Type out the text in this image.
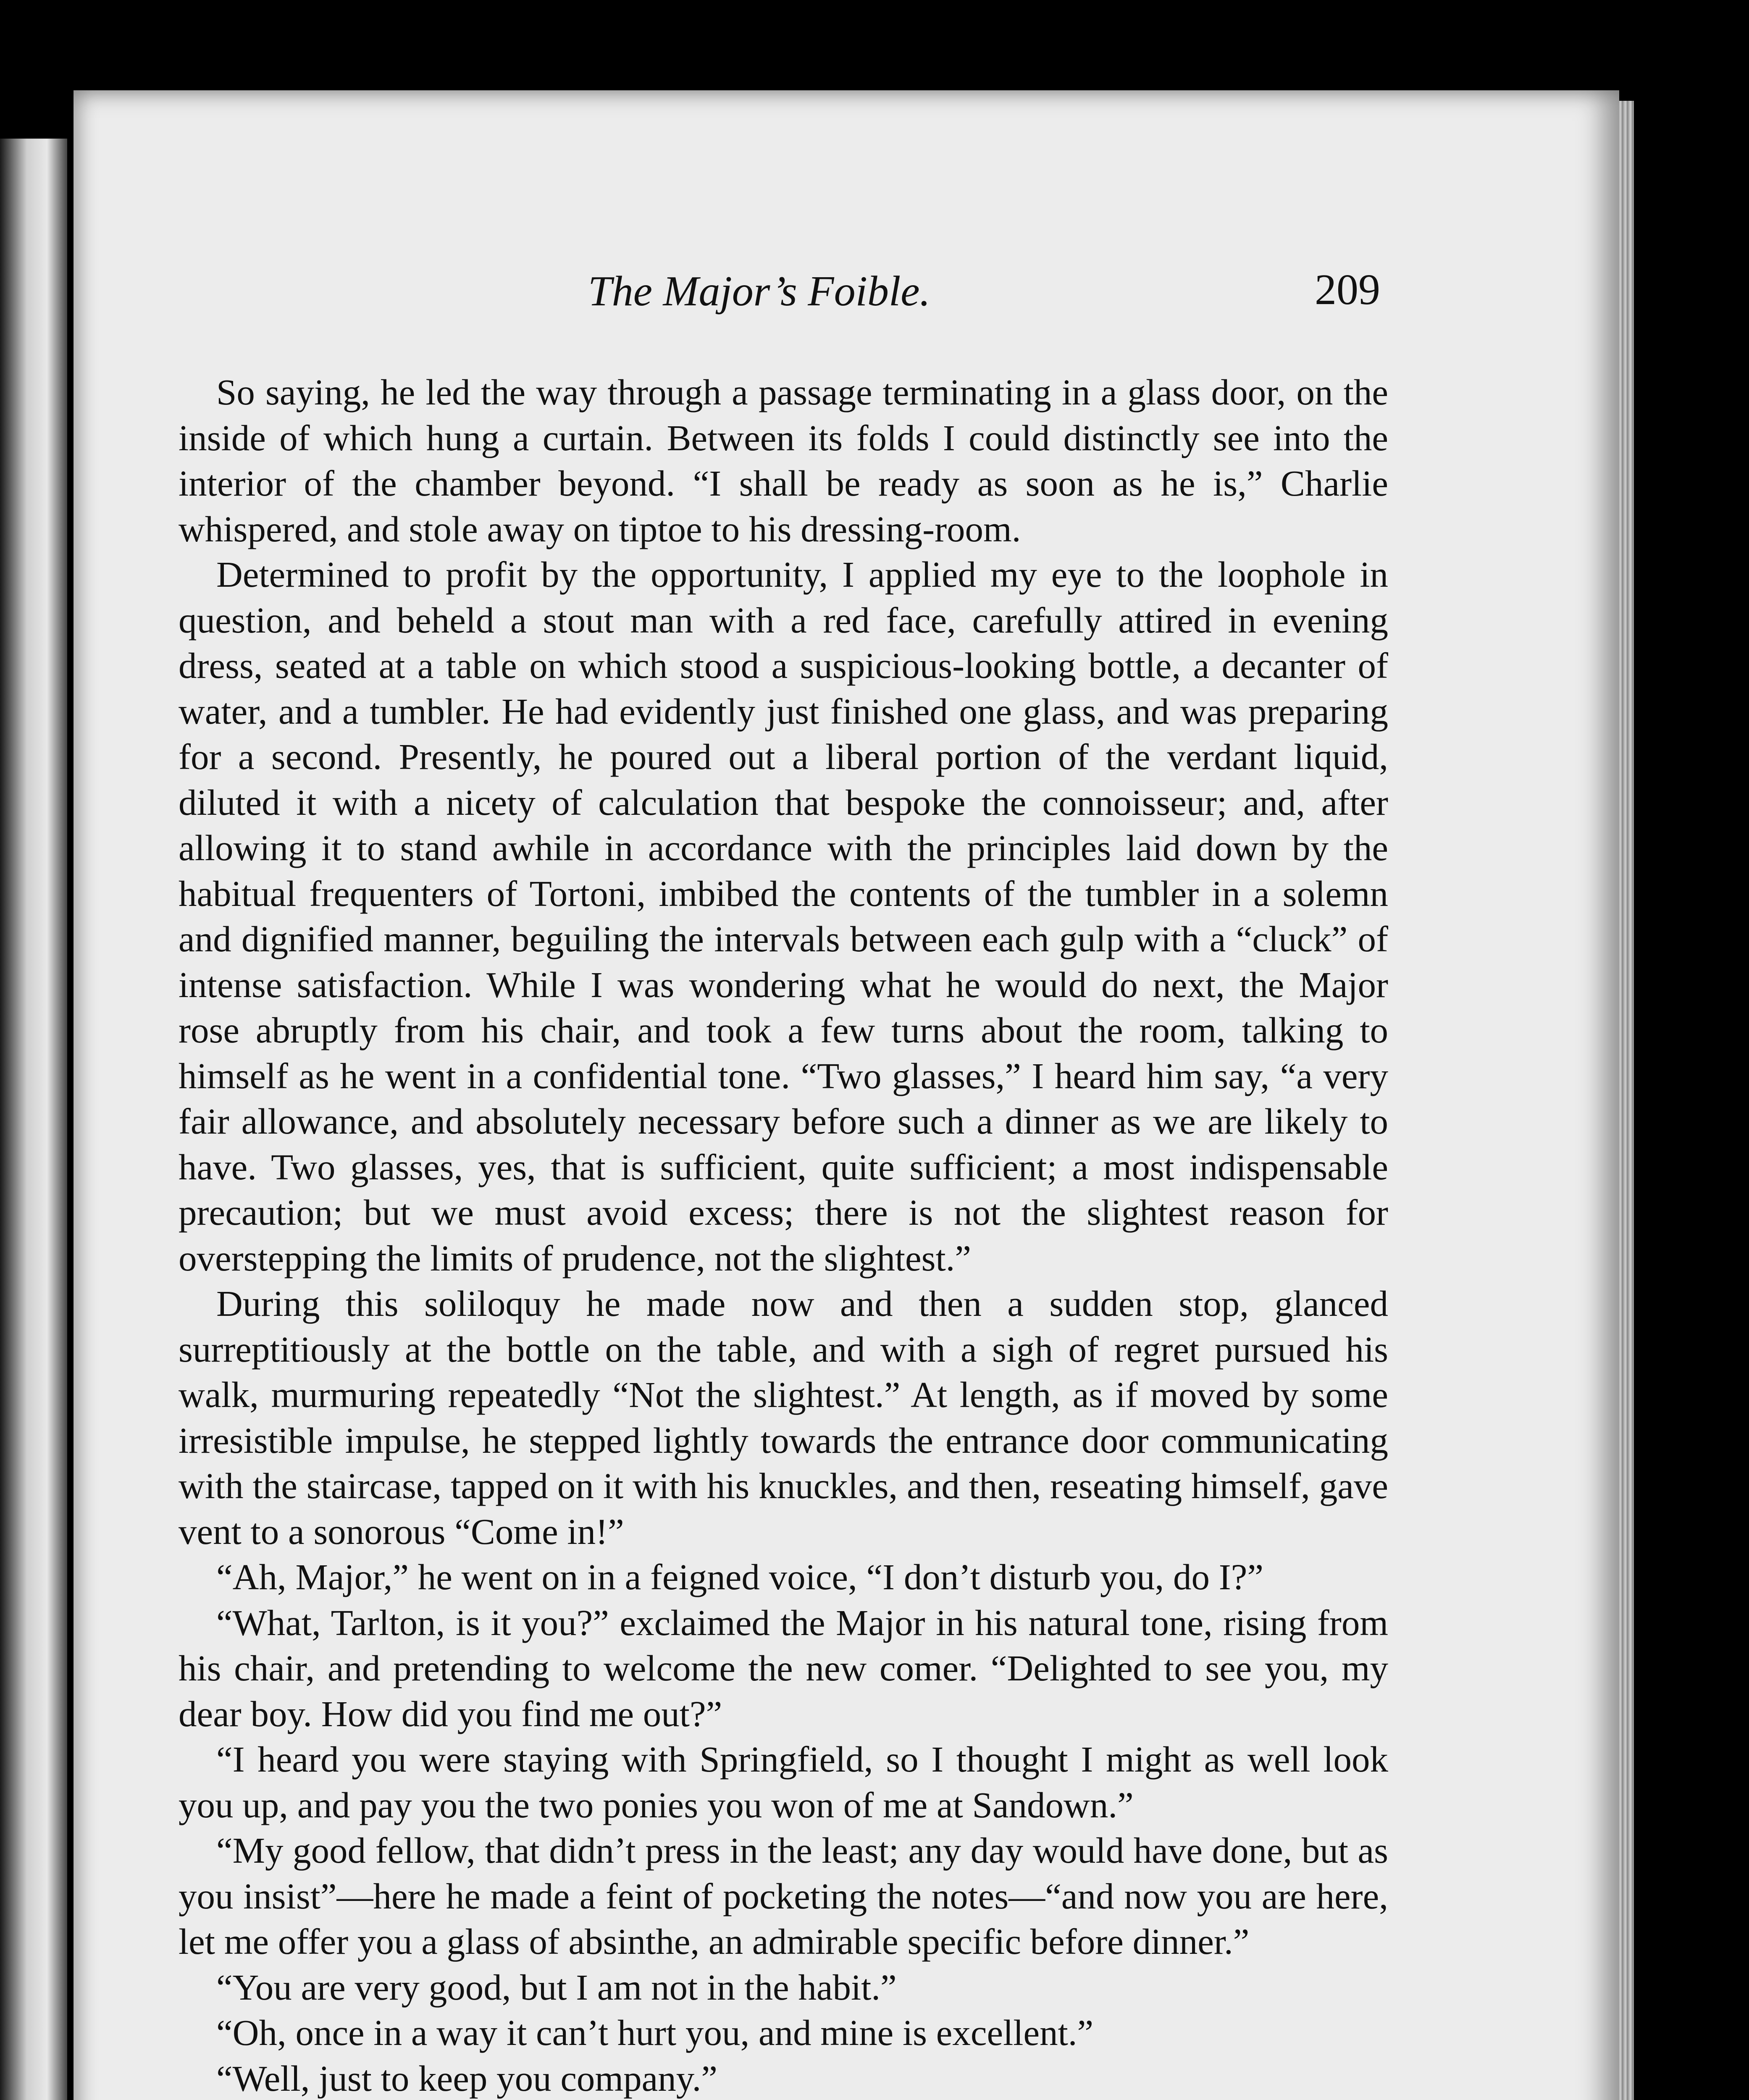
The Major’s Foible.	209

So saying, he led the way through a passage terminating in a glass door, on the inside of which hung a curtain. Between its folds I could distinctly see into the interior of the chamber beyond. “I shall be ready as soon as he is,” Charlie whispered, and stole away on tiptoe to his dressing-room.

Determined to profit by the opportunity, I applied my eye to the loophole in question, and beheld a stout man with a red face, carefully attired in evening dress, seated at a table on which stood a suspicious-looking bottle, a decanter of water, and a tumbler. He had evidently just finished one glass, and was preparing for a second. Presently, he poured out a liberal portion of the verdant liquid, diluted it with a nicety of calculation that bespoke the connoisseur; and, after allowing it to stand awhile in accordance with the principles laid down by the habitual frequenters of Tortoni, imbibed the contents of the tumbler in a solemn and dignified manner, beguiling the intervals between each gulp with a “cluck” of intense satisfaction. While I was wondering what he would do next, the Major rose abruptly from his chair, and took a few turns about the room, talking to himself as he went in a confidential tone. “Two glasses,” I heard him say, “a very fair allowance, and absolutely necessary before such a dinner as we are likely to have. Two glasses, yes, that is sufficient, quite sufficient; a most indispensable precaution; but we must avoid excess; there is not the slightest reason for overstepping the limits of prudence, not the slightest.”

During this soliloquy he made now and then a sudden stop, glanced surreptitiously at the bottle on the table, and with a sigh of regret pursued his walk, murmuring repeatedly “Not the slightest.” At length, as if moved by some irresistible impulse, he stepped lightly towards the entrance door communicating with the staircase, tapped on it with his knuckles, and then, reseating himself, gave vent to a sonorous “Come in!”

“Ah, Major,” he went on in a feigned voice, “I don’t disturb you, do I?”

“What, Tarlton, is it you?” exclaimed the Major in his natural tone, rising from his chair, and pretending to welcome the new comer. “Delighted to see you, my dear boy. How did you find me out?”

“I heard you were staying with Springfield, so I thought I might as well look you up, and pay you the two ponies you won of me at Sandown.”

“My good fellow, that didn’t press in the least; any day would have done, but as you insist”—here he made a feint of pocketing the notes—“and now you are here, let me offer you a glass of absinthe, an admirable specific before dinner.”

“You are very good, but I am not in the habit.”

“Oh, once in a way it can’t hurt you, and mine is excellent.”

“Well, just to keep you company.”
